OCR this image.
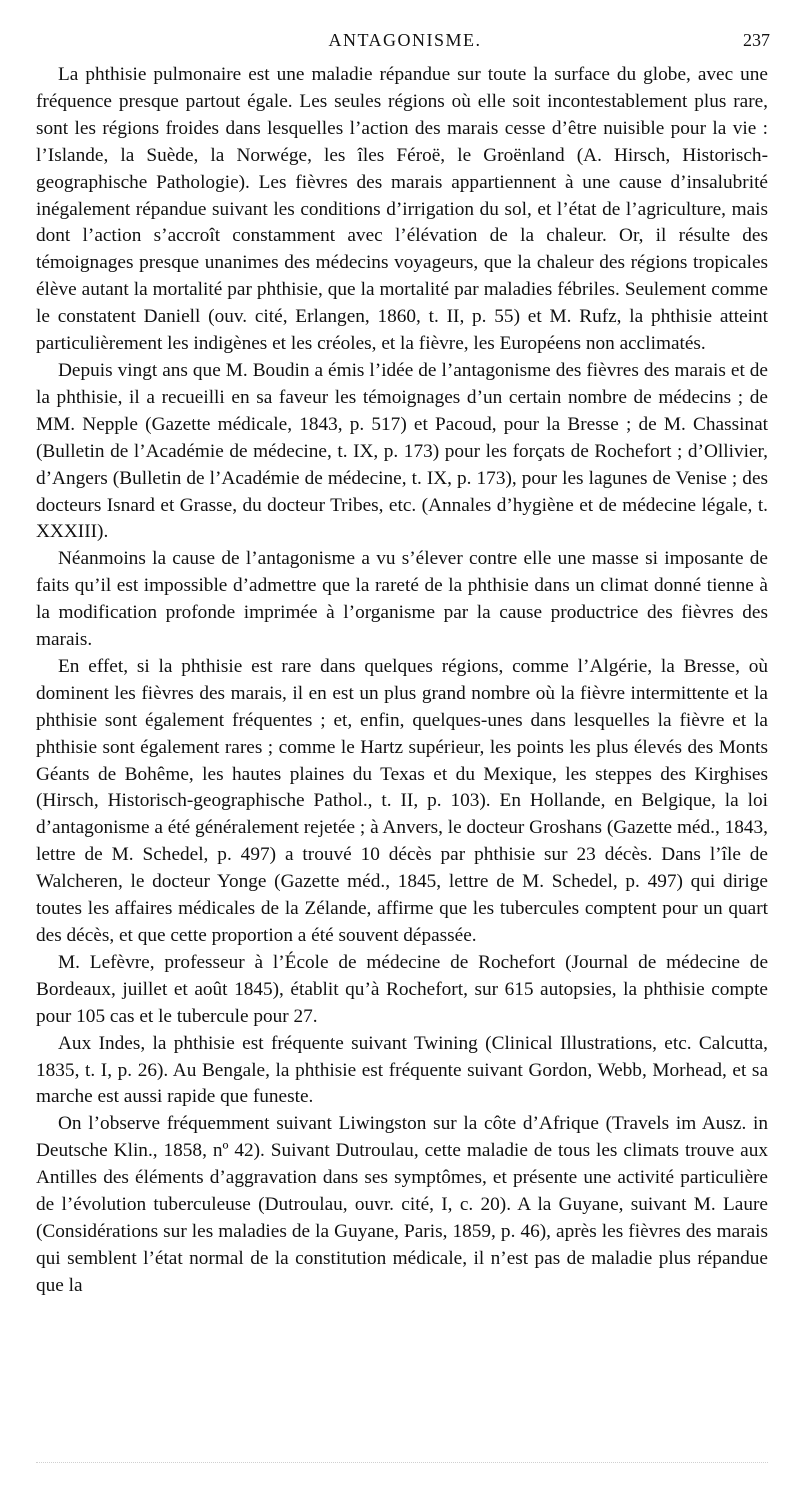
ANTAGONISME.	237

La phthisie pulmonaire est une maladie répandue sur toute la surface du globe, avec une fréquence presque partout égale. Les seules régions où elle soit incontestablement plus rare, sont les régions froides dans lesquelles l’action des marais cesse d’être nuisible pour la vie : l’Islande, la Suède, la Norwége, les îles Féroë, le Groënland (A. Hirsch, Historisch-geographische Pathologie). Les fièvres des marais appartiennent à une cause d’insalubrité inégalement répandue suivant les conditions d’irrigation du sol, et l’état de l’agriculture, mais dont l’action s’accroît constamment avec l’élévation de la chaleur. Or, il résulte des témoignages presque unanimes des médecins voyageurs, que la chaleur des régions tropicales élève autant la mortalité par phthisie, que la mortalité par maladies fébriles. Seulement comme le constatent Daniell (ouv. cité, Erlangen, 1860, t. II, p. 55) et M. Rufz, la phthisie atteint particulièrement les indigènes et les créoles, et la fièvre, les Européens non acclimatés.

Depuis vingt ans que M. Boudin a émis l’idée de l’antagonisme des fièvres des marais et de la phthisie, il a recueilli en sa faveur les témoignages d’un certain nombre de médecins ; de MM. Nepple (Gazette médicale, 1843, p. 517) et Pacoud, pour la Bresse ; de M. Chassinat (Bulletin de l’Académie de médecine, t. IX, p. 173) pour les forçats de Rochefort ; d’Ollivier, d’Angers (Bulletin de l’Académie de médecine, t. IX, p. 173), pour les lagunes de Venise ; des docteurs Isnard et Grasse, du docteur Tribes, etc. (Annales d’hygiène et de médecine légale, t. XXXIII).

Néanmoins la cause de l’antagonisme a vu s’élever contre elle une masse si imposante de faits qu’il est impossible d’admettre que la rareté de la phthisie dans un climat donné tienne à la modification profonde imprimée à l’organisme par la cause productrice des fièvres des marais.

En effet, si la phthisie est rare dans quelques régions, comme l’Algérie, la Bresse, où dominent les fièvres des marais, il en est un plus grand nombre où la fièvre intermittente et la phthisie sont également fréquentes ; et, enfin, quelques-unes dans lesquelles la fièvre et la phthisie sont également rares ; comme le Hartz supérieur, les points les plus élevés des Monts Géants de Bohême, les hautes plaines du Texas et du Mexique, les steppes des Kirghises (Hirsch, Historisch-geographische Pathol., t. II, p. 103). En Hollande, en Belgique, la loi d’antagonisme a été généralement rejetée ; à Anvers, le docteur Groshans (Gazette méd., 1843, lettre de M. Schedel, p. 497) a trouvé 10 décès par phthisie sur 23 décès. Dans l’île de Walcheren, le docteur Yonge (Gazette méd., 1845, lettre de M. Schedel, p. 497) qui dirige toutes les affaires médicales de la Zélande, affirme que les tubercules comptent pour un quart des décès, et que cette proportion a été souvent dépassée.

M. Lefèvre, professeur à l’École de médecine de Rochefort (Journal de médecine de Bordeaux, juillet et août 1845), établit qu’à Rochefort, sur 615 autopsies, la phthisie compte pour 105 cas et le tubercule pour 27.

Aux Indes, la phthisie est fréquente suivant Twining (Clinical Illustrations, etc. Calcutta, 1835, t. I, p. 26). Au Bengale, la phthisie est fréquente suivant Gordon, Webb, Morhead, et sa marche est aussi rapide que funeste.

On l’observe fréquemment suivant Liwingston sur la côte d’Afrique (Travels im Ausz. in Deutsche Klin., 1858, nº 42). Suivant Dutroulau, cette maladie de tous les climats trouve aux Antilles des éléments d’aggravation dans ses symptômes, et présente une activité particulière de l’évolution tuberculeuse (Dutroulau, ouvr. cité, I, c. 20). A la Guyane, suivant M. Laure (Considérations sur les maladies de la Guyane, Paris, 1859, p. 46), après les fièvres des marais qui semblent l’état normal de la constitution médicale, il n’est pas de maladie plus répandue que la
